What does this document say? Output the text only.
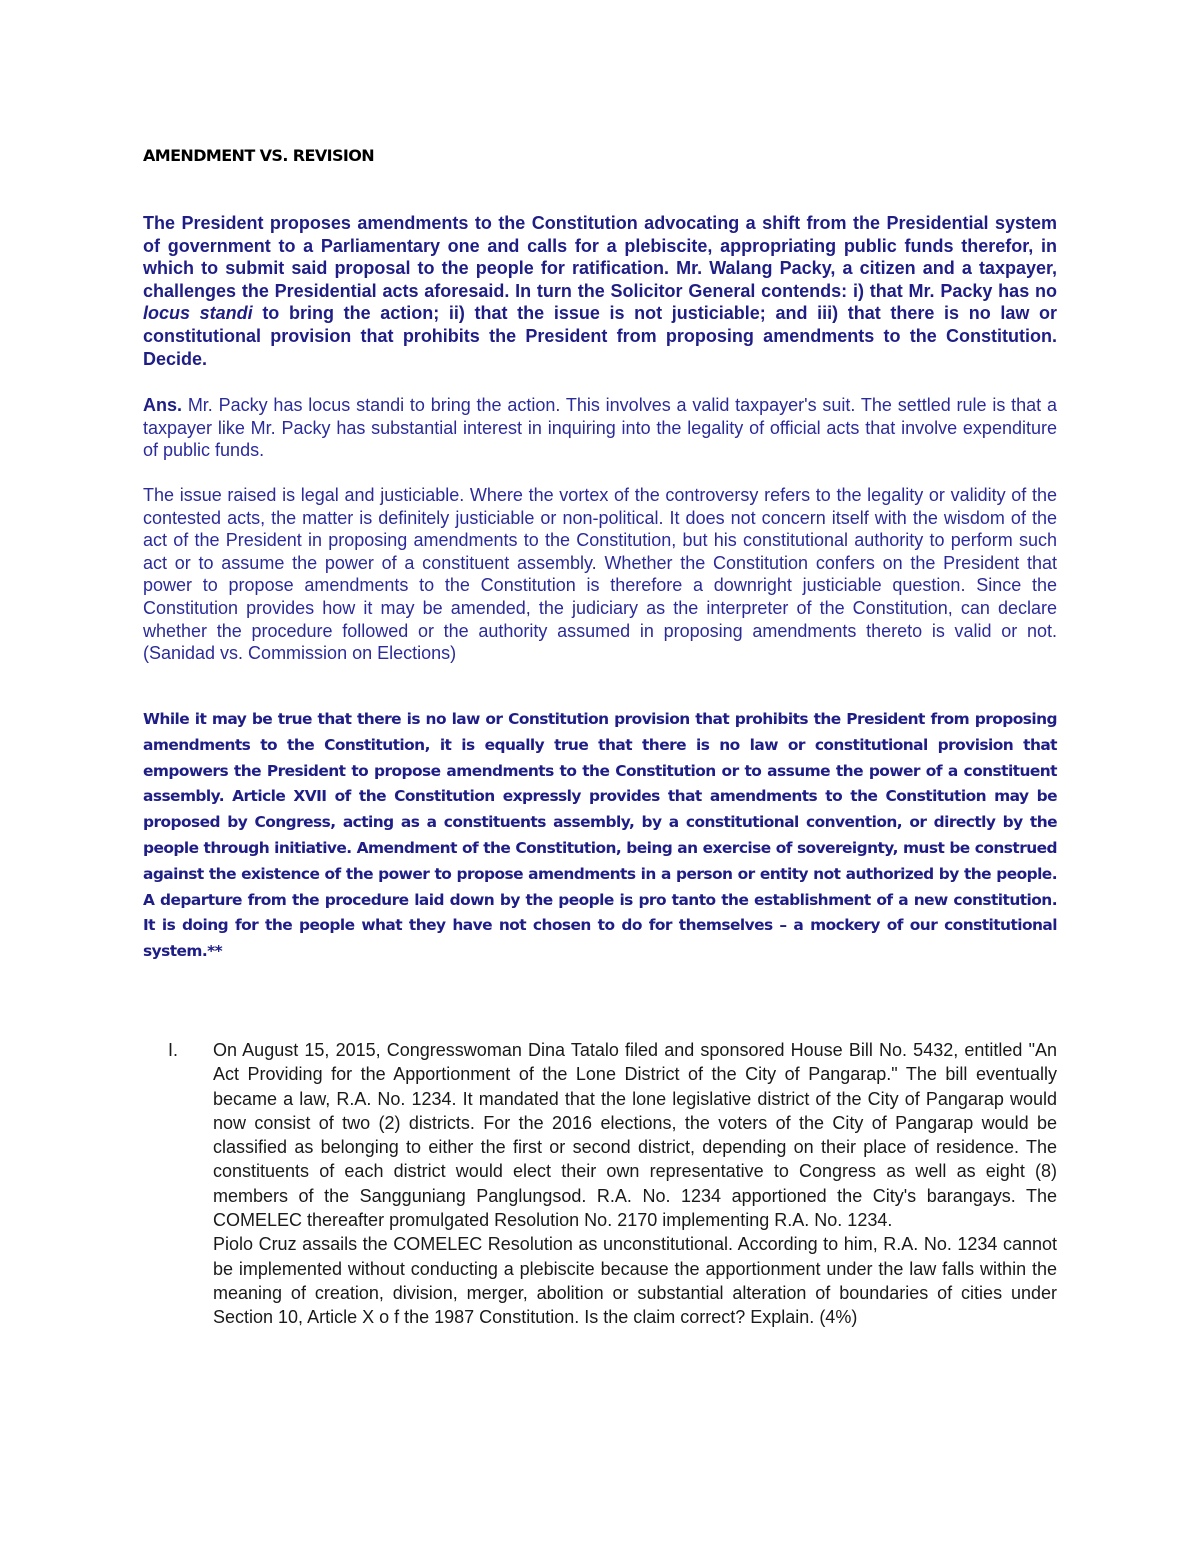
AMENDMENT VS. REVISION

The President proposes amendments to the Constitution advocating a shift from the Presidential system of government to a Parliamentary one and calls for a plebiscite, appropriating public funds therefor, in which to submit said proposal to the people for ratification. Mr. Walang Packy, a citizen and a taxpayer, challenges the Presidential acts aforesaid. In turn the Solicitor General contends: i) that Mr. Packy has no locus standi to bring the action; ii) that the issue is not justiciable; and iii) that there is no law or constitutional provision that prohibits the President from proposing amendments to the Constitution. Decide.

Ans. Mr. Packy has locus standi to bring the action. This involves a valid taxpayer's suit. The settled rule is that a taxpayer like Mr. Packy has substantial interest in inquiring into the legality of official acts that involve expenditure of public funds.

The issue raised is legal and justiciable. Where the vortex of the controversy refers to the legality or validity of the contested acts, the matter is definitely justiciable or non-political. It does not concern itself with the wisdom of the act of the President in proposing amendments to the Constitution, but his constitutional authority to perform such act or to assume the power of a constituent assembly. Whether the Constitution confers on the President that power to propose amendments to the Constitution is therefore a downright justiciable question. Since the Constitution provides how it may be amended, the judiciary as the interpreter of the Constitution, can declare whether the procedure followed or the authority assumed in proposing amendments thereto is valid or not. (Sanidad vs. Commission on Elections)

While it may be true that there is no law or Constitution provision that prohibits the President from proposing amendments to the Constitution, it is equally true that there is no law or constitutional provision that empowers the President to propose amendments to the Constitution or to assume the power of a constituent assembly. Article XVII of the Constitution expressly provides that amendments to the Constitution may be proposed by Congress, acting as a constituents assembly, by a constitutional convention, or directly by the people through initiative. Amendment of the Constitution, being an exercise of sovereignty, must be construed against the existence of the power to propose amendments in a person or entity not authorized by the people. A departure from the procedure laid down by the people is pro tanto the establishment of a new constitution. It is doing for the people what they have not chosen to do for themselves – a mockery of our constitutional system.**

I. On August 15, 2015, Congresswoman Dina Tatalo filed and sponsored House Bill No. 5432, entitled "An Act Providing for the Apportionment of the Lone District of the City of Pangarap." The bill eventually became a law, R.A. No. 1234. It mandated that the lone legislative district of the City of Pangarap would now consist of two (2) districts. For the 2016 elections, the voters of the City of Pangarap would be classified as belonging to either the first or second district, depending on their place of residence. The constituents of each district would elect their own representative to Congress as well as eight (8) members of the Sangguniang Panglungsod. R.A. No. 1234 apportioned the City's barangays. The COMELEC thereafter promulgated Resolution No. 2170 implementing R.A. No. 1234.

Piolo Cruz assails the COMELEC Resolution as unconstitutional. According to him, R.A. No. 1234 cannot be implemented without conducting a plebiscite because the apportionment under the law falls within the meaning of creation, division, merger, abolition or substantial alteration of boundaries of cities under Section 10, Article X o f the 1987 Constitution. Is the claim correct? Explain. (4%)
